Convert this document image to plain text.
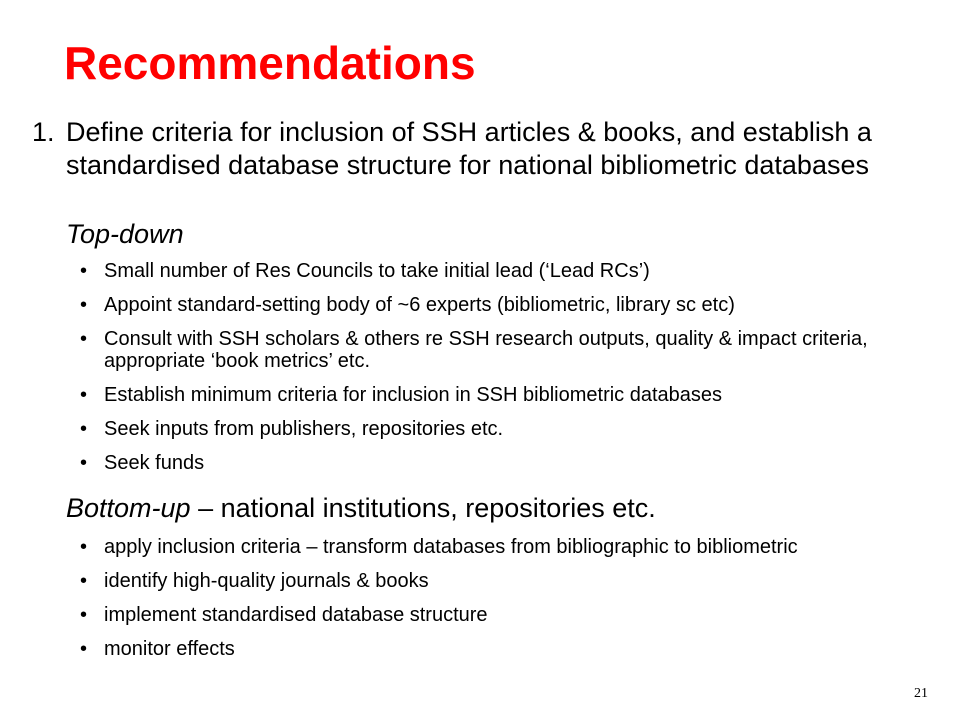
Recommendations
1. Define criteria for inclusion of SSH articles & books, and establish a standardised database structure for national bibliometric databases
Top-down
• Small number of Res Councils to take initial lead (‘Lead RCs’)
• Appoint standard-setting body of ~6 experts (bibliometric, library sc etc)
• Consult with SSH scholars & others re SSH research outputs, quality & impact criteria, appropriate ‘book metrics’ etc.
• Establish minimum criteria for inclusion in SSH bibliometric databases
• Seek inputs from publishers, repositories etc.
• Seek funds
Bottom-up – national institutions, repositories etc.
• apply inclusion criteria – transform databases from bibliographic to bibliometric
• identify high-quality journals & books
• implement standardised database structure
• monitor effects
21
